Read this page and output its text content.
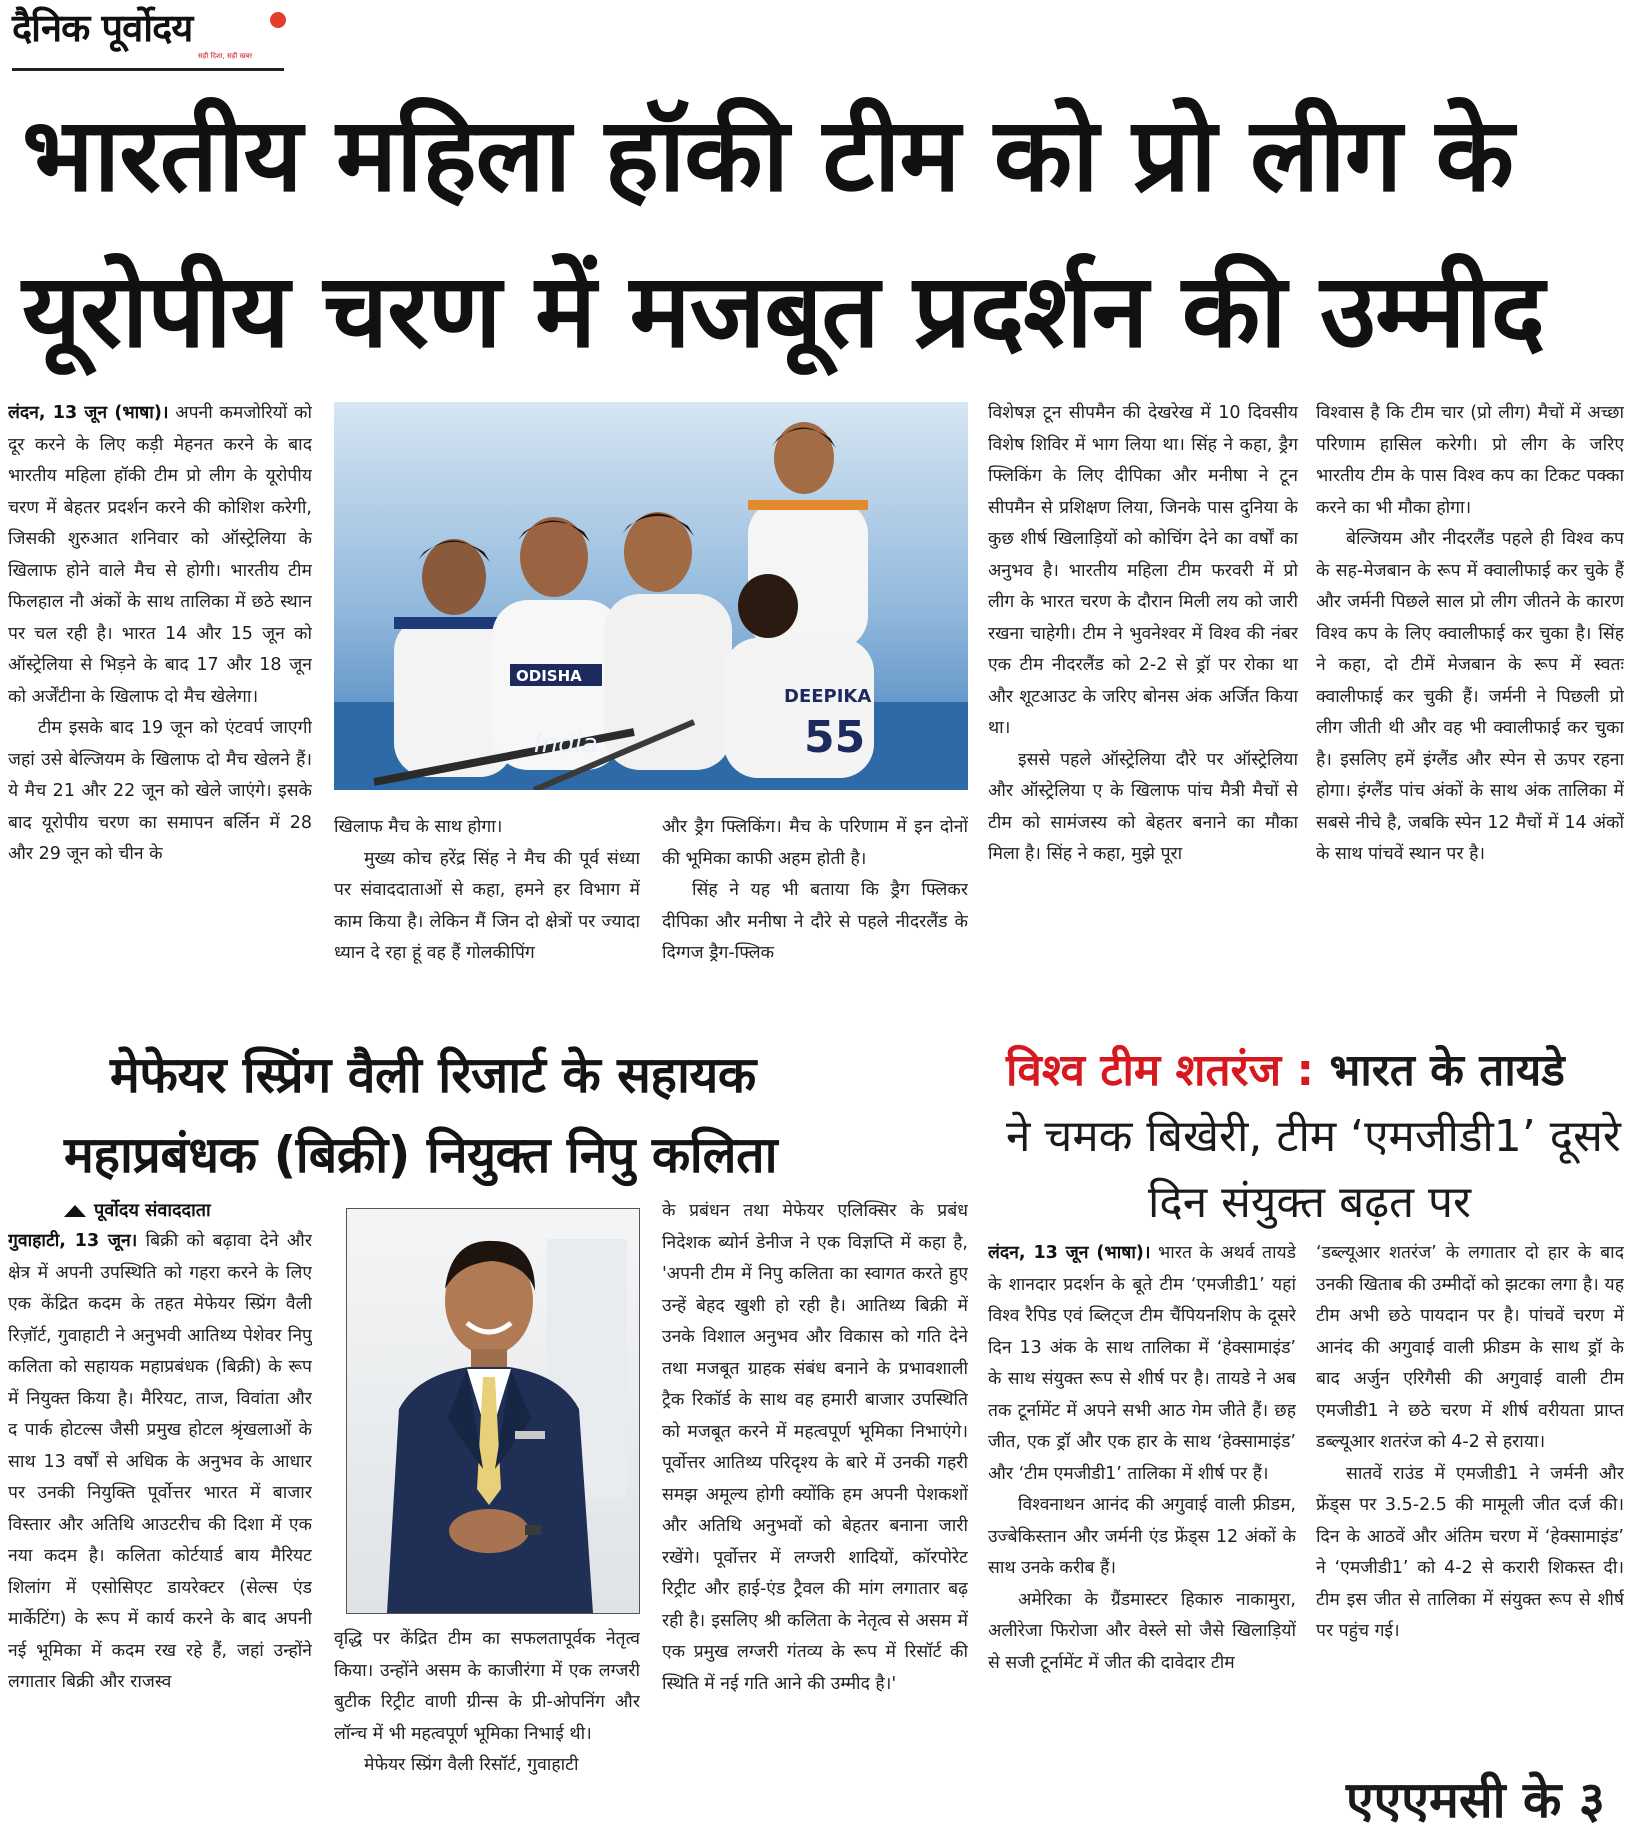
दैनिक पूर्वोदय
सही दिशा, सही खबर
भारतीय महिला हॉकी टीम को प्रो लीग के
यूरोपीय चरण में मजबूत प्रदर्शन की उम्मीद

लंदन, 13 जून (भाषा)। अपनी कमजोरियों को दूर करने के लिए कड़ी मेहनत करने के बाद भारतीय महिला हॉकी टीम प्रो लीग के यूरोपीय चरण में बेहतर प्रदर्शन करने की कोशिश करेगी, जिसकी शुरुआत शनिवार को ऑस्ट्रेलिया के खिलाफ होने वाले मैच से होगी। भारतीय टीम फिलहाल नौ अंकों के साथ तालिका में छठे स्थान पर चल रही है। भारत 14 और 15 जून को ऑस्ट्रेलिया से भिड़ने के बाद 17 और 18 जून को अर्जेंटीना के खिलाफ दो मैच खेलेगा।

टीम इसके बाद 19 जून को एंटवर्प जाएगी जहां उसे बेल्जियम के खिलाफ दो मैच खेलने हैं। ये मैच 21 और 22 जून को खेले जाएंगे। इसके बाद यूरोपीय चरण का समापन बर्लिन में 28 और 29 जून को चीन के

ODISHA
DEEPIKA
55
India

खिलाफ मैच के साथ होगा।

मुख्य कोच हरेंद्र सिंह ने मैच की पूर्व संध्या पर संवाददाताओं से कहा, हमने हर विभाग में काम किया है। लेकिन मैं जिन दो क्षेत्रों पर ज्यादा ध्यान दे रहा हूं वह हैं गोलकीपिंग

और ड्रैग फ्लिकिंग। मैच के परिणाम में इन दोनों की भूमिका काफी अहम होती है।

सिंह ने यह भी बताया कि ड्रैग फ्लिकर दीपिका और मनीषा ने दौरे से पहले नीदरलैंड के दिग्गज ड्रैग-फ्लिक

विशेषज्ञ टून सीपमैन की देखरेख में 10 दिवसीय विशेष शिविर में भाग लिया था। सिंह ने कहा, ड्रैग फ्लिकिंग के लिए दीपिका और मनीषा ने टून सीपमैन से प्रशिक्षण लिया, जिनके पास दुनिया के कुछ शीर्ष खिलाड़ियों को कोचिंग देने का वर्षों का अनुभव है। भारतीय महिला टीम फरवरी में प्रो लीग के भारत चरण के दौरान मिली लय को जारी रखना चाहेगी। टीम ने भुवनेश्वर में विश्व की नंबर एक टीम नीदरलैंड को 2-2 से ड्रॉ पर रोका था और शूटआउट के जरिए बोनस अंक अर्जित किया था।

इससे पहले ऑस्ट्रेलिया दौरे पर ऑस्ट्रेलिया और ऑस्ट्रेलिया ए के खिलाफ पांच मैत्री मैचों से टीम को सामंजस्य को बेहतर बनाने का मौका मिला है। सिंह ने कहा, मुझे पूरा

विश्वास है कि टीम चार (प्रो लीग) मैचों में अच्छा परिणाम हासिल करेगी। प्रो लीग के जरिए भारतीय टीम के पास विश्व कप का टिकट पक्का करने का भी मौका होगा।

बेल्जियम और नीदरलैंड पहले ही विश्व कप के सह-मेजबान के रूप में क्वालीफाई कर चुके हैं और जर्मनी पिछले साल प्रो लीग जीतने के कारण विश्व कप के लिए क्वालीफाई कर चुका है। सिंह ने कहा, दो टीमें मेजबान के रूप में स्वतः क्वालीफाई कर चुकी हैं। जर्मनी ने पिछली प्रो लीग जीती थी और वह भी क्वालीफाई कर चुका है। इसलिए हमें इंग्लैंड और स्पेन से ऊपर रहना होगा। इंग्लैंड पांच अंकों के साथ अंक तालिका में सबसे नीचे है, जबकि स्पेन 12 मैचों में 14 अंकों के साथ पांचवें स्थान पर है।

मेफेयर स्प्रिंग वैली रिजार्ट के सहायक
महाप्रबंधक (बिक्री) नियुक्त निपु कलिता
पूर्वोदय संवाददाता

गुवाहाटी, 13 जून। बिक्री को बढ़ावा देने और क्षेत्र में अपनी उपस्थिति को गहरा करने के लिए एक केंद्रित कदम के तहत मेफेयर स्प्रिंग वैली रिज़ॉर्ट, गुवाहाटी ने अनुभवी आतिथ्य पेशेवर निपु कलिता को सहायक महाप्रबंधक (बिक्री) के रूप में नियुक्त किया है। मैरियट, ताज, विवांता और द पार्क होटल्स जैसी प्रमुख होटल श्रृंखलाओं के साथ 13 वर्षों से अधिक के अनुभव के आधार पर उनकी नियुक्ति पूर्वोत्तर भारत में बाजार विस्तार और अतिथि आउटरीच की दिशा में एक नया कदम है। कलिता कोर्टयार्ड बाय मैरियट शिलांग में एसोसिएट डायरेक्टर (सेल्स एंड मार्केटिंग) के रूप में कार्य करने के बाद अपनी नई भूमिका में कदम रख रहे हैं, जहां उन्होंने लगातार बिक्री और राजस्व

वृद्धि पर केंद्रित टीम का सफलतापूर्वक नेतृत्व किया। उन्होंने असम के काजीरंगा में एक लग्जरी बुटीक रिट्रीट वाणी ग्रीन्स के प्री-ओपनिंग और लॉन्च में भी महत्वपूर्ण भूमिका निभाई थी।

मेफेयर स्प्रिंग वैली रिसॉर्ट, गुवाहाटी

के प्रबंधन तथा मेफेयर एलिक्सिर के प्रबंध निदेशक ब्योर्न डेनीज ने एक विज्ञप्ति में कहा है, 'अपनी टीम में निपु कलिता का स्वागत करते हुए उन्हें बेहद खुशी हो रही है। आतिथ्य बिक्री में उनके विशाल अनुभव और विकास को गति देने तथा मजबूत ग्राहक संबंध बनाने के प्रभावशाली ट्रैक रिकॉर्ड के साथ वह हमारी बाजार उपस्थिति को मजबूत करने में महत्वपूर्ण भूमिका निभाएंगे। पूर्वोत्तर आतिथ्य परिदृश्य के बारे में उनकी गहरी समझ अमूल्य होगी क्योंकि हम अपनी पेशकशों और अतिथि अनुभवों को बेहतर बनाना जारी रखेंगे। पूर्वोत्तर में लग्जरी शादियों, कॉरपोरेट रिट्रीट और हाई-एंड ट्रैवल की मांग लगातार बढ़ रही है। इसलिए श्री कलिता के नेतृत्व से असम में एक प्रमुख लग्जरी गंतव्य के रूप में रिसॉर्ट की स्थिति में नई गति आने की उम्मीद है।'

विश्व टीम शतरंज : भारत के तायडे
ने चमक बिखेरी, टीम ‘एमजीडी1’ दूसरे
दिन संयुक्त बढ़त पर

लंदन, 13 जून (भाषा)। भारत के अथर्व तायडे के शानदार प्रदर्शन के बूते टीम ‘एमजीडी1’ यहां विश्व रैपिड एवं ब्लिट्ज टीम चैंपियनशिप के दूसरे दिन 13 अंक के साथ तालिका में ‘हेक्सामाइंड’ के साथ संयुक्त रूप से शीर्ष पर है। तायडे ने अब तक टूर्नामेंट में अपने सभी आठ गेम जीते हैं। छह जीत, एक ड्रॉ और एक हार के साथ ‘हेक्सामाइंड’ और ‘टीम एमजीडी1’ तालिका में शीर्ष पर हैं।

विश्वनाथन आनंद की अगुवाई वाली फ्रीडम, उज्बेकिस्तान और जर्मनी एंड फ्रेंड्स 12 अंकों के साथ उनके करीब हैं।

अमेरिका के ग्रैंडमास्टर हिकारु नाकामुरा, अलीरेजा फिरोजा और वेस्ले सो जैसे खिलाड़ियों से सजी टूर्नामेंट में जीत की दावेदार टीम

‘डब्ल्यूआर शतरंज’ के लगातार दो हार के बाद उनकी खिताब की उम्मीदों को झटका लगा है। यह टीम अभी छठे पायदान पर है। पांचवें चरण में आनंद की अगुवाई वाली फ्रीडम के साथ ड्रॉ के बाद अर्जुन एरिगैसी की अगुवाई वाली टीम एमजीडी1 ने छठे चरण में शीर्ष वरीयता प्राप्त डब्ल्यूआर शतरंज को 4-2 से हराया।

सातवें राउंड में एमजीडी1 ने जर्मनी और फ्रेंड्स पर 3.5-2.5 की मामूली जीत दर्ज की। दिन के आठवें और अंतिम चरण में ‘हेक्सामाइंड’ ने ‘एमजीडी1’ को 4-2 से करारी शिकस्त दी। टीम इस जीत से तालिका में संयुक्त रूप से शीर्ष पर पहुंच गई।

एएएमसी के ३
